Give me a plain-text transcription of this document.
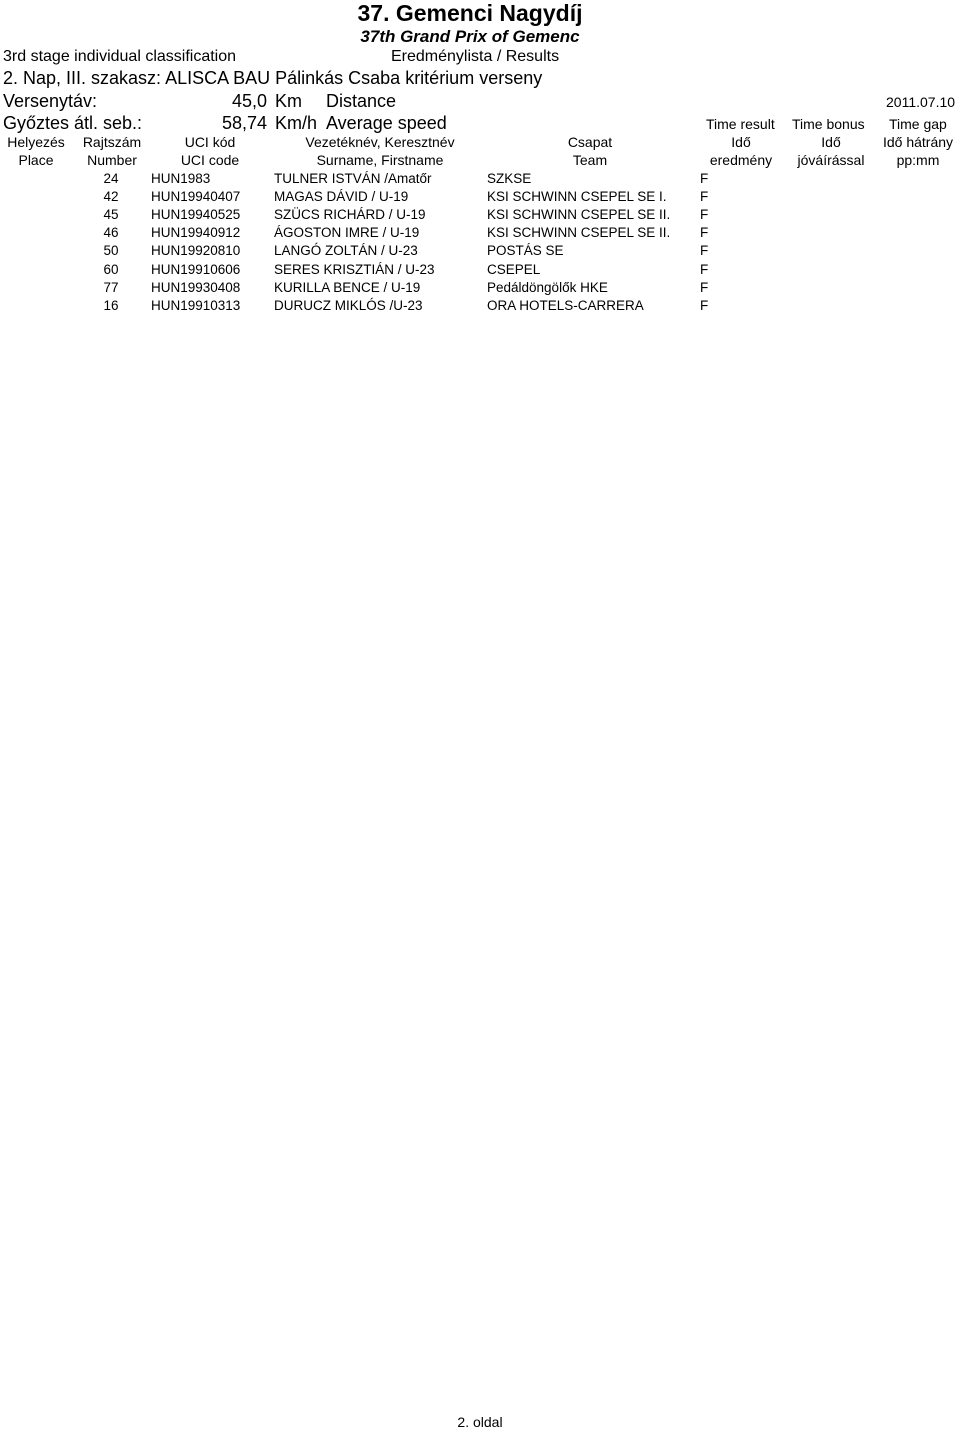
37. Gemenci Nagydíj
37th Grand Prix of Gemenc
3rd stage individual classification	Eredménylista / Results
2. Nap, III. szakasz: ALISCA BAU Pálinkás Csaba kritérium verseny
Versenytáv:	45,0 Km Distance	2011.07.10
Győztes átl. seb.:	58,74 Km/h Average speed	Time result Time bonus Time gap
Helyezés	Rajtszám	UCI kód	Vezetéknév, Keresztnév	Csapat	Idő	Idő	Idő hátrány
Place	Number	UCI code	Surname, Firstname	Team	eredmény	jóváírással	pp:mm
24	HUN1983	TULNER ISTVÁN /Amatőr	SZKSE	F
42	HUN19940407 MAGAS DÁVID / U-19	KSI SCHWINN CSEPEL SE I. F
45	HUN19940525 SZÜCS RICHÁRD / U-19	KSI SCHWINN CSEPEL SE II. F
46	HUN19940912 ÁGOSTON IMRE / U-19	KSI SCHWINN CSEPEL SE II. F
50	HUN19920810 LANGÓ ZOLTÁN / U-23	POSTÁS SE	F
60	HUN19910606 SERES KRISZTIÁN / U-23	CSEPEL	F
77	HUN19930408 KURILLA BENCE / U-19	Pedáldöngölők HKE	F
16	HUN19910313 DURUCZ MIKLÓS /U-23	ORA HOTELS-CARRERA	F
2. oldal
